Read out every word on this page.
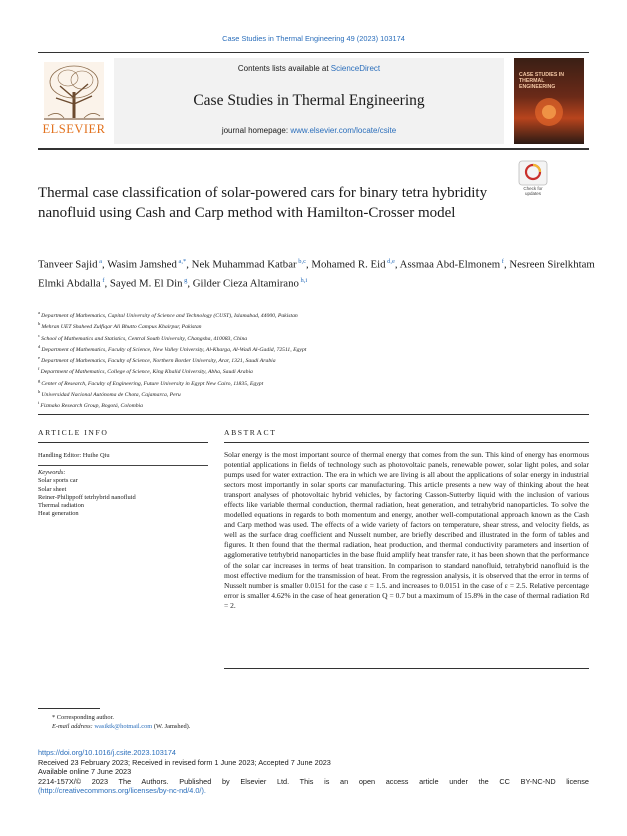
Case Studies in Thermal Engineering 49 (2023) 103174
ELSEVIER
Contents lists available at ScienceDirect
Case Studies in Thermal Engineering
journal homepage: www.elsevier.com/locate/csite
CASE STUDIES IN THERMAL ENGINEERING
Check for updates
Thermal case classification of solar-powered cars for binary tetra hybridity nanofluid using Cash and Carp method with Hamilton-Crosser model
Tanveer Sajid $^a$, Wasim Jamshed $^{a,*}$, Nek Muhammad Katbar $^{b,c}$, Mohamed R. Eid $^{d,e}$, Assmaa Abd-Elmonem $^f$, Nesreen Sirelkhtam Elmki Abdalla $^f$, Sayed M. El Din $^g$, Gilder Cieza Altamirano $^{h,i}$
$^a$ Department of Mathematics, Capital University of Science and Technology (CUST), Islamabad, 44000, Pakistan
$^b$ Mehran UET Shaheed Zulfiqar Ali Bhutto Campus Khairpur, Pakistan
$^c$ School of Mathematics and Statistics, Central South University, Changsha, 410083, China
$^d$ Department of Mathematics, Faculty of Science, New Valley University, Al-Kharga, Al-Wadi Al-Gadid, 72511, Egypt
$^e$ Department of Mathematics, Faculty of Science, Northern Border University, Arar, 1321, Saudi Arabia
$^f$ Department of Mathematics, College of Science, King Khalid University, Abha, Saudi Arabia
$^g$ Center of Research, Faculty of Engineering, Future University in Egypt New Cairo, 11835, Egypt
$^h$ Universidad Nacional Autónoma de Chota, Cajamarca, Peru
$^i$ Fizmako Research Group, Bogotá, Colombia
ARTICLE INFO	ABSTRACT
Handling Editor: Huihe Qiu
Keywords:
Solar sports car
Solar sheet
Reiner-Philippoff tetrhybrid nanofluid
Thermal radiation
Heat generation
Solar energy is the most important source of thermal energy that comes from the sun. This kind of energy has enormous potential applications in fields of technology such as photovoltaic panels, renewable power, solar light poles, and solar pumps used for water extraction. The era in which we are living is all about the applications of solar energy in industrial sectors most importantly in solar sports car manufacturing. This article presents a new way of thinking about the heat transport analyses of photovoltaic hybrid vehicles, by factoring Casson-Sutterby liquid with the inclusion of various effects like variable thermal conduction, thermal radiation, heat generation, and tetrahybrid nanoparticles. To solve the modelled equations in regards to both momentum and energy, another well-computational approach known as the Cash and Carp method was used. The effects of a wide variety of factors on temperature, shear stress, and velocity fields, as well as the surface drag coefficient and Nusselt number, are briefly described and illustrated in the form of tables and figures. It then found that the thermal radiation, heat production, and thermal conductivity parameters and insertion of agglomerative tetrhybrid nanoparticles in the base fluid amplify heat transfer rate, it has been shown that the performance of the solar car increases in terms of heat transition. In comparison to standard nanofluid, tetrahybrid nanofluid is the most effective medium for the transmission of heat. From the regression analysis, it is observed that the error in terms of Nusselt number is smaller 0.0151 for the case ε = 1.5. and increases to 0.0151 in the case of ε = 2.5. Relative percentage error is smaller 4.62% in the case of heat generation Q = 0.7 but a maximum of 15.8% in the case of thermal radiation Rd = 2.
* Corresponding author.
E-mail address: wasiktk@hotmail.com (W. Jamshed).
https://doi.org/10.1016/j.csite.2023.103174
Received 23 February 2023; Received in revised form 1 June 2023; Accepted 7 June 2023
Available online 7 June 2023
2214-157X/© 2023 The Authors. Published by Elsevier Ltd. This is an open access article under the CC BY-NC-ND license
(http://creativecommons.org/licenses/by-nc-nd/4.0/).
